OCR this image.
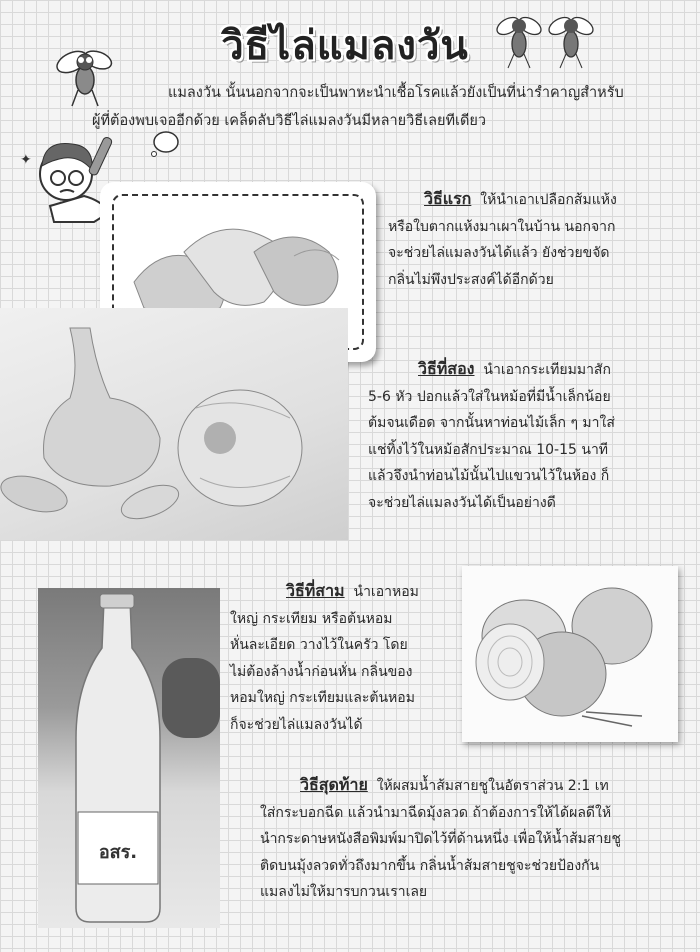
วิธีไล่แมลงวัน
✦
แมลงวัน นั้นนอกจากจะเป็นพาหะนำเชื้อโรคแล้วยังเป็นที่น่ารำคาญสำหรับ
ผู้ที่ต้องพบเจออีกด้วย เคล็ดลับวิธีไล่แมลงวันมีหลายวิธีเลยทีเดียว
วิธีแรก ให้นำเอาเปลือกส้มแห้ง
หรือใบตากแห้งมาเผาในบ้าน นอกจาก
จะช่วยไล่แมลงวันได้แล้ว ยังช่วยขจัด
กลิ่นไม่พึงประสงค์ได้อีกด้วย
วิธีที่สอง นำเอากระเทียมมาสัก
5-6 หัว ปอกแล้วใส่ในหม้อที่มีน้ำเล็กน้อย
ต้มจนเดือด จากนั้นหาท่อนไม้เล็ก ๆ มาใส่
แช่ทิ้งไว้ในหม้อสักประมาณ 10-15 นาที
แล้วจึงนำท่อนไม้นั้นไปแขวนไว้ในห้อง ก็
จะช่วยไล่แมลงวันได้เป็นอย่างดี
อสร.
วิธีที่สาม นำเอาหอม
ใหญ่ กระเทียม หรือต้นหอม
หั่นละเอียด วางไว้ในครัว โดย
ไม่ต้องล้างน้ำก่อนหั่น กลิ่นของ
หอมใหญ่ กระเทียมและต้นหอม
ก็จะช่วยไล่แมลงวันได้
วิธีสุดท้าย ให้ผสมน้ำส้มสายชูในอัตราส่วน 2:1 เท
ใส่กระบอกฉีด แล้วนำมาฉีดมุ้งลวด ถ้าต้องการให้ได้ผลดีให้
นำกระดาษหนังสือพิมพ์มาปิดไว้ที่ด้านหนึ่ง เพื่อให้น้ำส้มสายชู
ติดบนมุ้งลวดทั่วถึงมากขึ้น กลิ่นน้ำส้มสายชูจะช่วยป้องกัน
แมลงไม่ให้มารบกวนเราเลย
